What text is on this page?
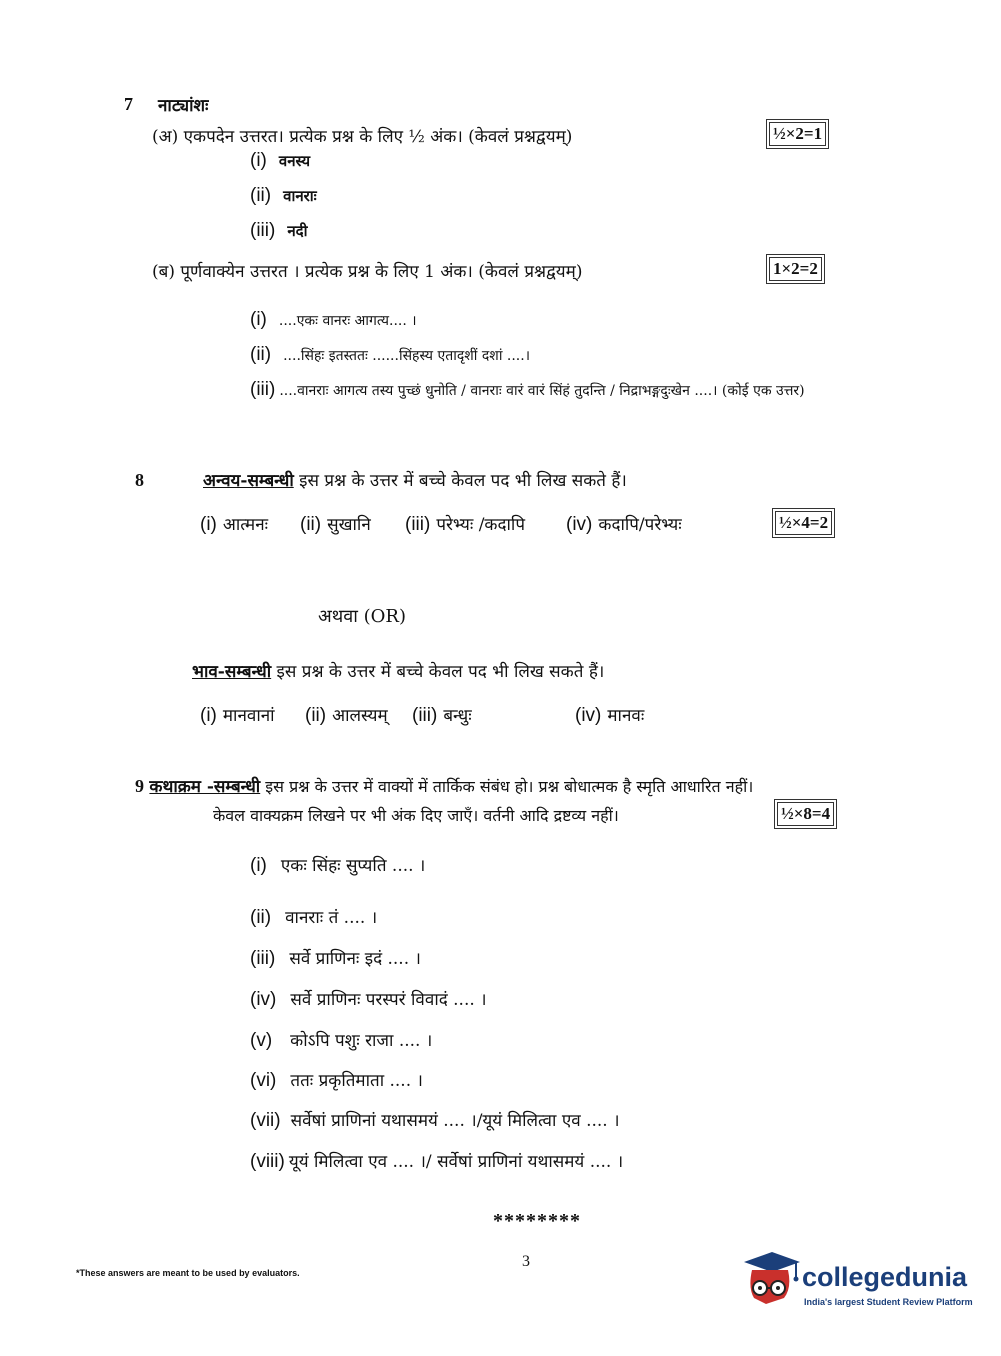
7 नाट्यांशः
(अ) एकपदेन उत्तरत। प्रत्येक प्रश्न के लिए ½ अंक। (केवलं प्रश्नद्वयम्)	½×2=1
(i) वनस्य
(ii) वानराः
(iii) नदी
(ब) पूर्णवाक्येन उत्तरत । प्रत्येक प्रश्न के लिए 1 अंक। (केवलं प्रश्नद्वयम्)	1×2=2
(i) ....एकः वानरः आगत्य.... ।
(ii) ....सिंहः इतस्ततः ......सिंहस्य एतादृशीं दशां ....।
(iii) ....वानराः आगत्य तस्य पुच्छं धुनोति / वानराः वारं वारं सिंहं तुदन्ति / निद्राभङ्गदुःखेन ....। (कोई एक उत्तर)
8	अन्वय-सम्बन्धी इस प्रश्न के उत्तर में बच्चे केवल पद भी लिख सकते हैं।
(i) आत्मनः (ii) सुखानि (iii) परेभ्यः /कदापि (iv) कदापि/परेभ्यः	½×4=2
अथवा (OR)
भाव-सम्बन्धी इस प्रश्न के उत्तर में बच्चे केवल पद भी लिख सकते हैं।
(i) मानवानां (ii) आलस्यम् (iii) बन्धुः	(iv) मानवः
9 कथाक्रम -सम्बन्धी इस प्रश्न के उत्तर में वाक्यों में तार्किक संबंध हो। प्रश्न बोधात्मक है स्मृति आधारित नहीं।
केवल वाक्यक्रम लिखने पर भी अंक दिए जाएँ। वर्तनी आदि द्रष्टव्य नहीं।	½×8=4
(i) एकः सिंहः सुप्यति .... ।
(ii) वानराः तं .... ।
(iii) सर्वे प्राणिनः इदं .... ।
(iv) सर्वे प्राणिनः परस्परं विवादं .... ।
(v) कोऽपि पशुः राजा .... ।
(vi) ततः प्रकृतिमाता .... ।
(vii) सर्वेषां प्राणिनां यथासमयं .... ।/यूयं मिलित्वा एव .... ।
(viii) यूयं मिलित्वा एव .... ।/ सर्वेषां प्राणिनां यथासमयं .... ।
********
3
*These answers are meant to be used by evaluators.	collegedunia
India's largest Student Review Platform
